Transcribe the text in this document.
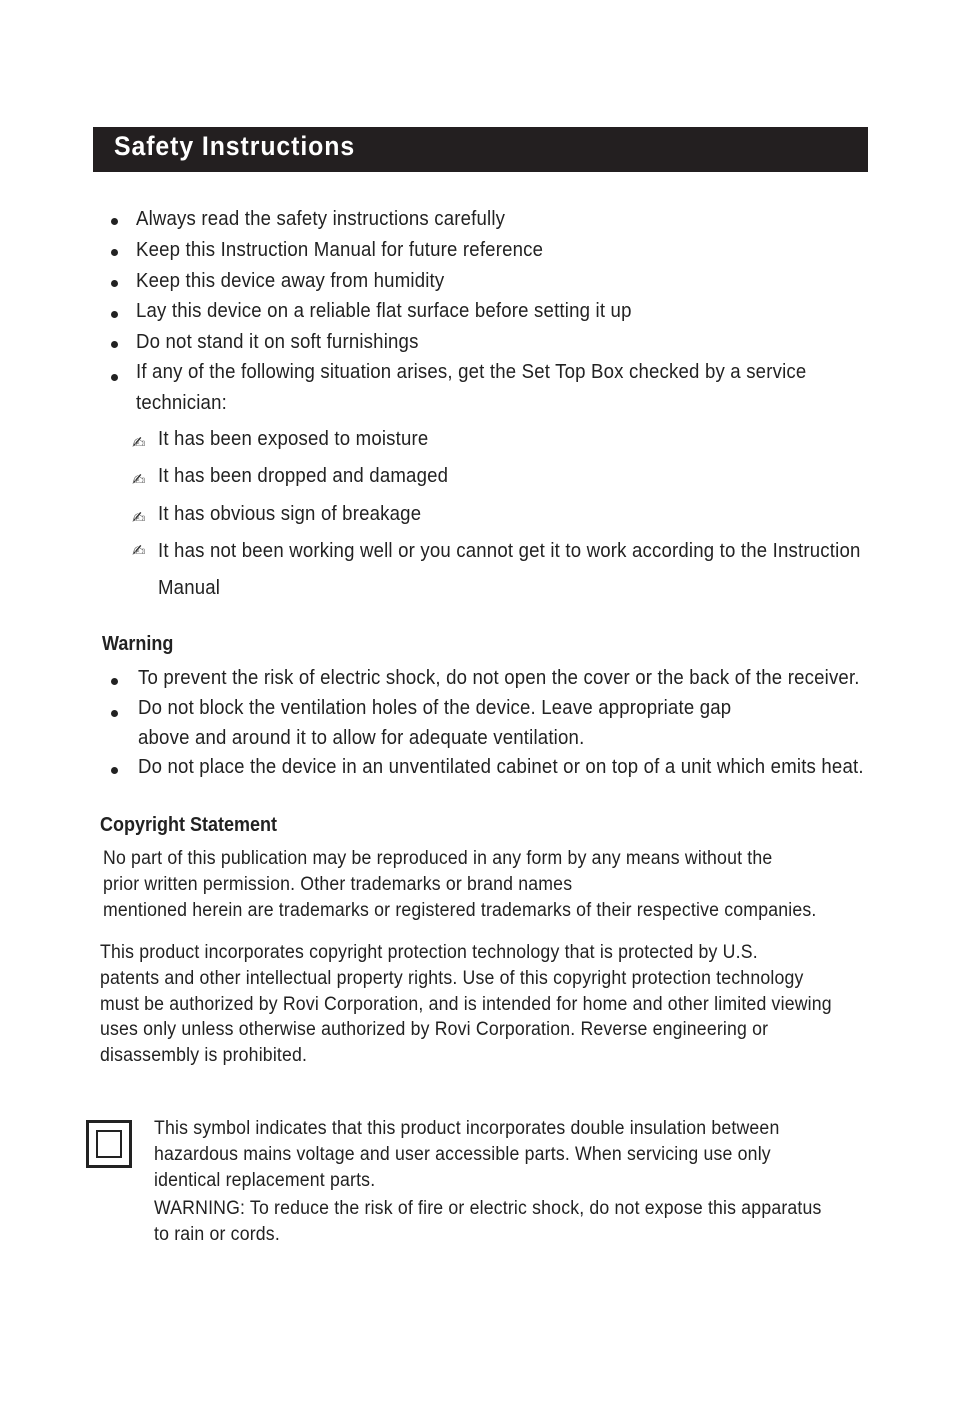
Safety Instructions
Always read the safety instructions carefully
Keep this Instruction Manual for future reference
Keep this device away from humidity
Lay this device on a reliable flat surface before setting it up
Do not stand it on soft furnishings
If any of the following situation arises, get the Set Top Box checked by a service
technician:
✍ It has been exposed to moisture
✍ It has been dropped and damaged
✍ It has obvious sign of breakage
✍ It has not been working well or you cannot get it to work according to the Instruction
Manual
Warning
To prevent the risk of electric shock, do not open the cover or the back of the receiver.
Do not block the ventilation holes of the device. Leave appropriate gap
above and around it to allow for adequate ventilation.
Do not place the device in an unventilated cabinet or on top of a unit which emits heat.
Copyright Statement
No part of this publication may be reproduced in any form by any means without the
prior written permission. Other trademarks or brand names
mentioned herein are trademarks or registered trademarks of their respective companies.
This product incorporates copyright protection technology that is protected by U.S.
patents and other intellectual property rights. Use of this copyright protection technology
must be authorized by Rovi Corporation, and is intended for home and other limited viewing
uses only unless otherwise authorized by Rovi Corporation. Reverse engineering or
disassembly is prohibited.
This symbol indicates that this product incorporates double insulation between
hazardous mains voltage and user accessible parts. When servicing use only
identical replacement parts.
WARNING: To reduce the risk of fire or electric shock, do not expose this apparatus
to rain or cords.
